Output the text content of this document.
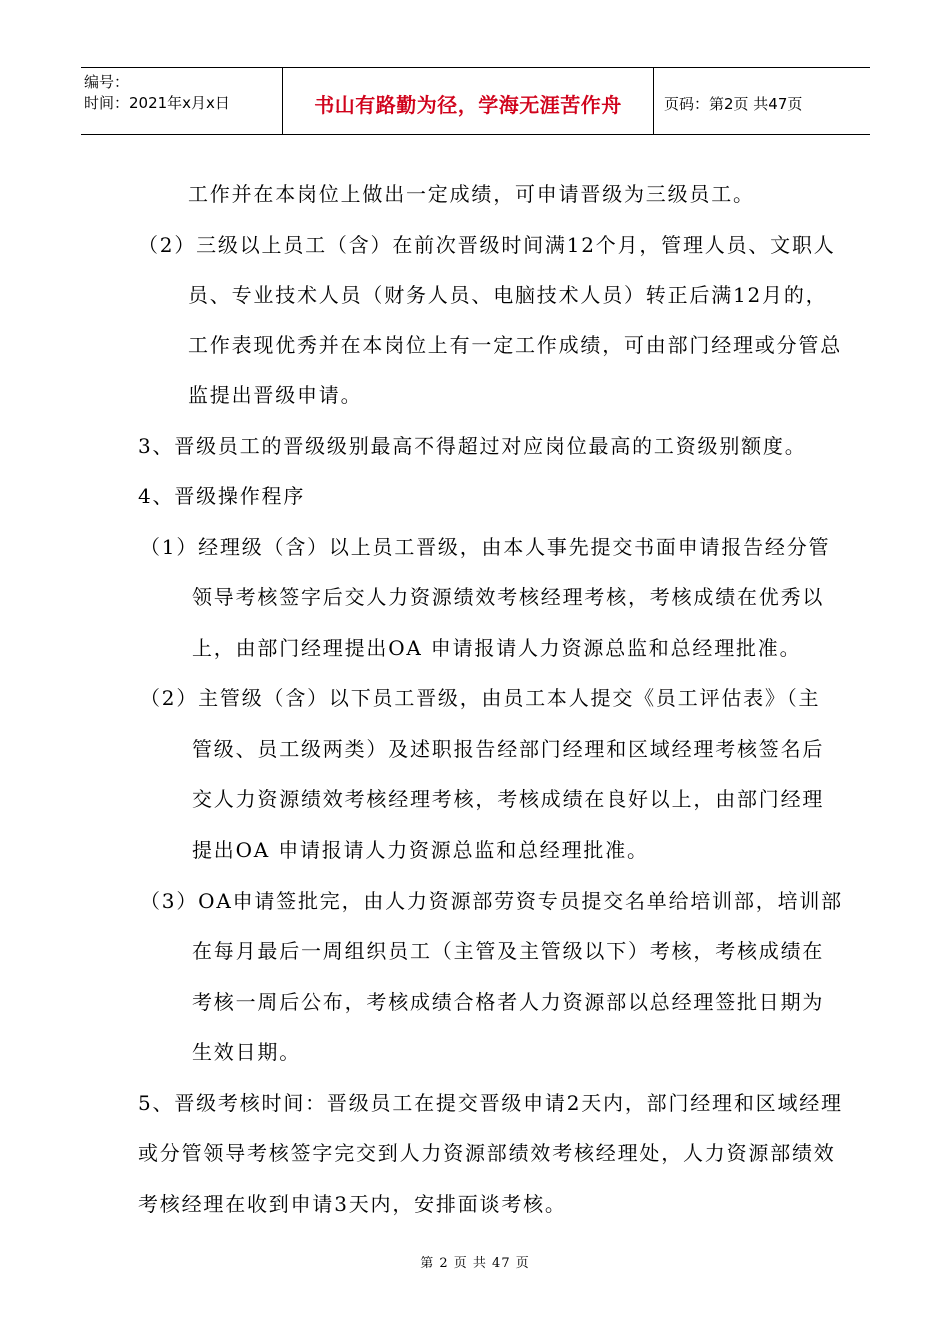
编号：
时间：2021年x月x日	书山有路勤为径，学海无涯苦作舟	页码：第2页 共47页
工作并在本岗位上做出一定成绩，可申请晋级为三级员工。
（2）三级以上员工（含）在前次晋级时间满12个月，管理人员、文职人
员、专业技术人员（财务人员、电脑技术人员）转正后满12月的，
工作表现优秀并在本岗位上有一定工作成绩，可由部门经理或分管总
监提出晋级申请。
3、晋级员工的晋级级别最高不得超过对应岗位最高的工资级别额度。
4、晋级操作程序
（1）经理级（含）以上员工晋级，由本人事先提交书面申请报告经分管
领导考核签字后交人力资源绩效考核经理考核，考核成绩在优秀以
上，由部门经理提出OA 申请报请人力资源总监和总经理批准。
（2）主管级（含）以下员工晋级，由员工本人提交《员工评估表》（主
管级、员工级两类）及述职报告经部门经理和区域经理考核签名后
交人力资源绩效考核经理考核，考核成绩在良好以上，由部门经理
提出OA 申请报请人力资源总监和总经理批准。
（3）OA申请签批完，由人力资源部劳资专员提交名单给培训部，培训部
在每月最后一周组织员工（主管及主管级以下）考核，考核成绩在
考核一周后公布，考核成绩合格者人力资源部以总经理签批日期为
生效日期。
5、晋级考核时间：晋级员工在提交晋级申请2天内，部门经理和区域经理
或分管领导考核签字完交到人力资源部绩效考核经理处，人力资源部绩效
考核经理在收到申请3天内，安排面谈考核。
第 2 页 共 47 页
